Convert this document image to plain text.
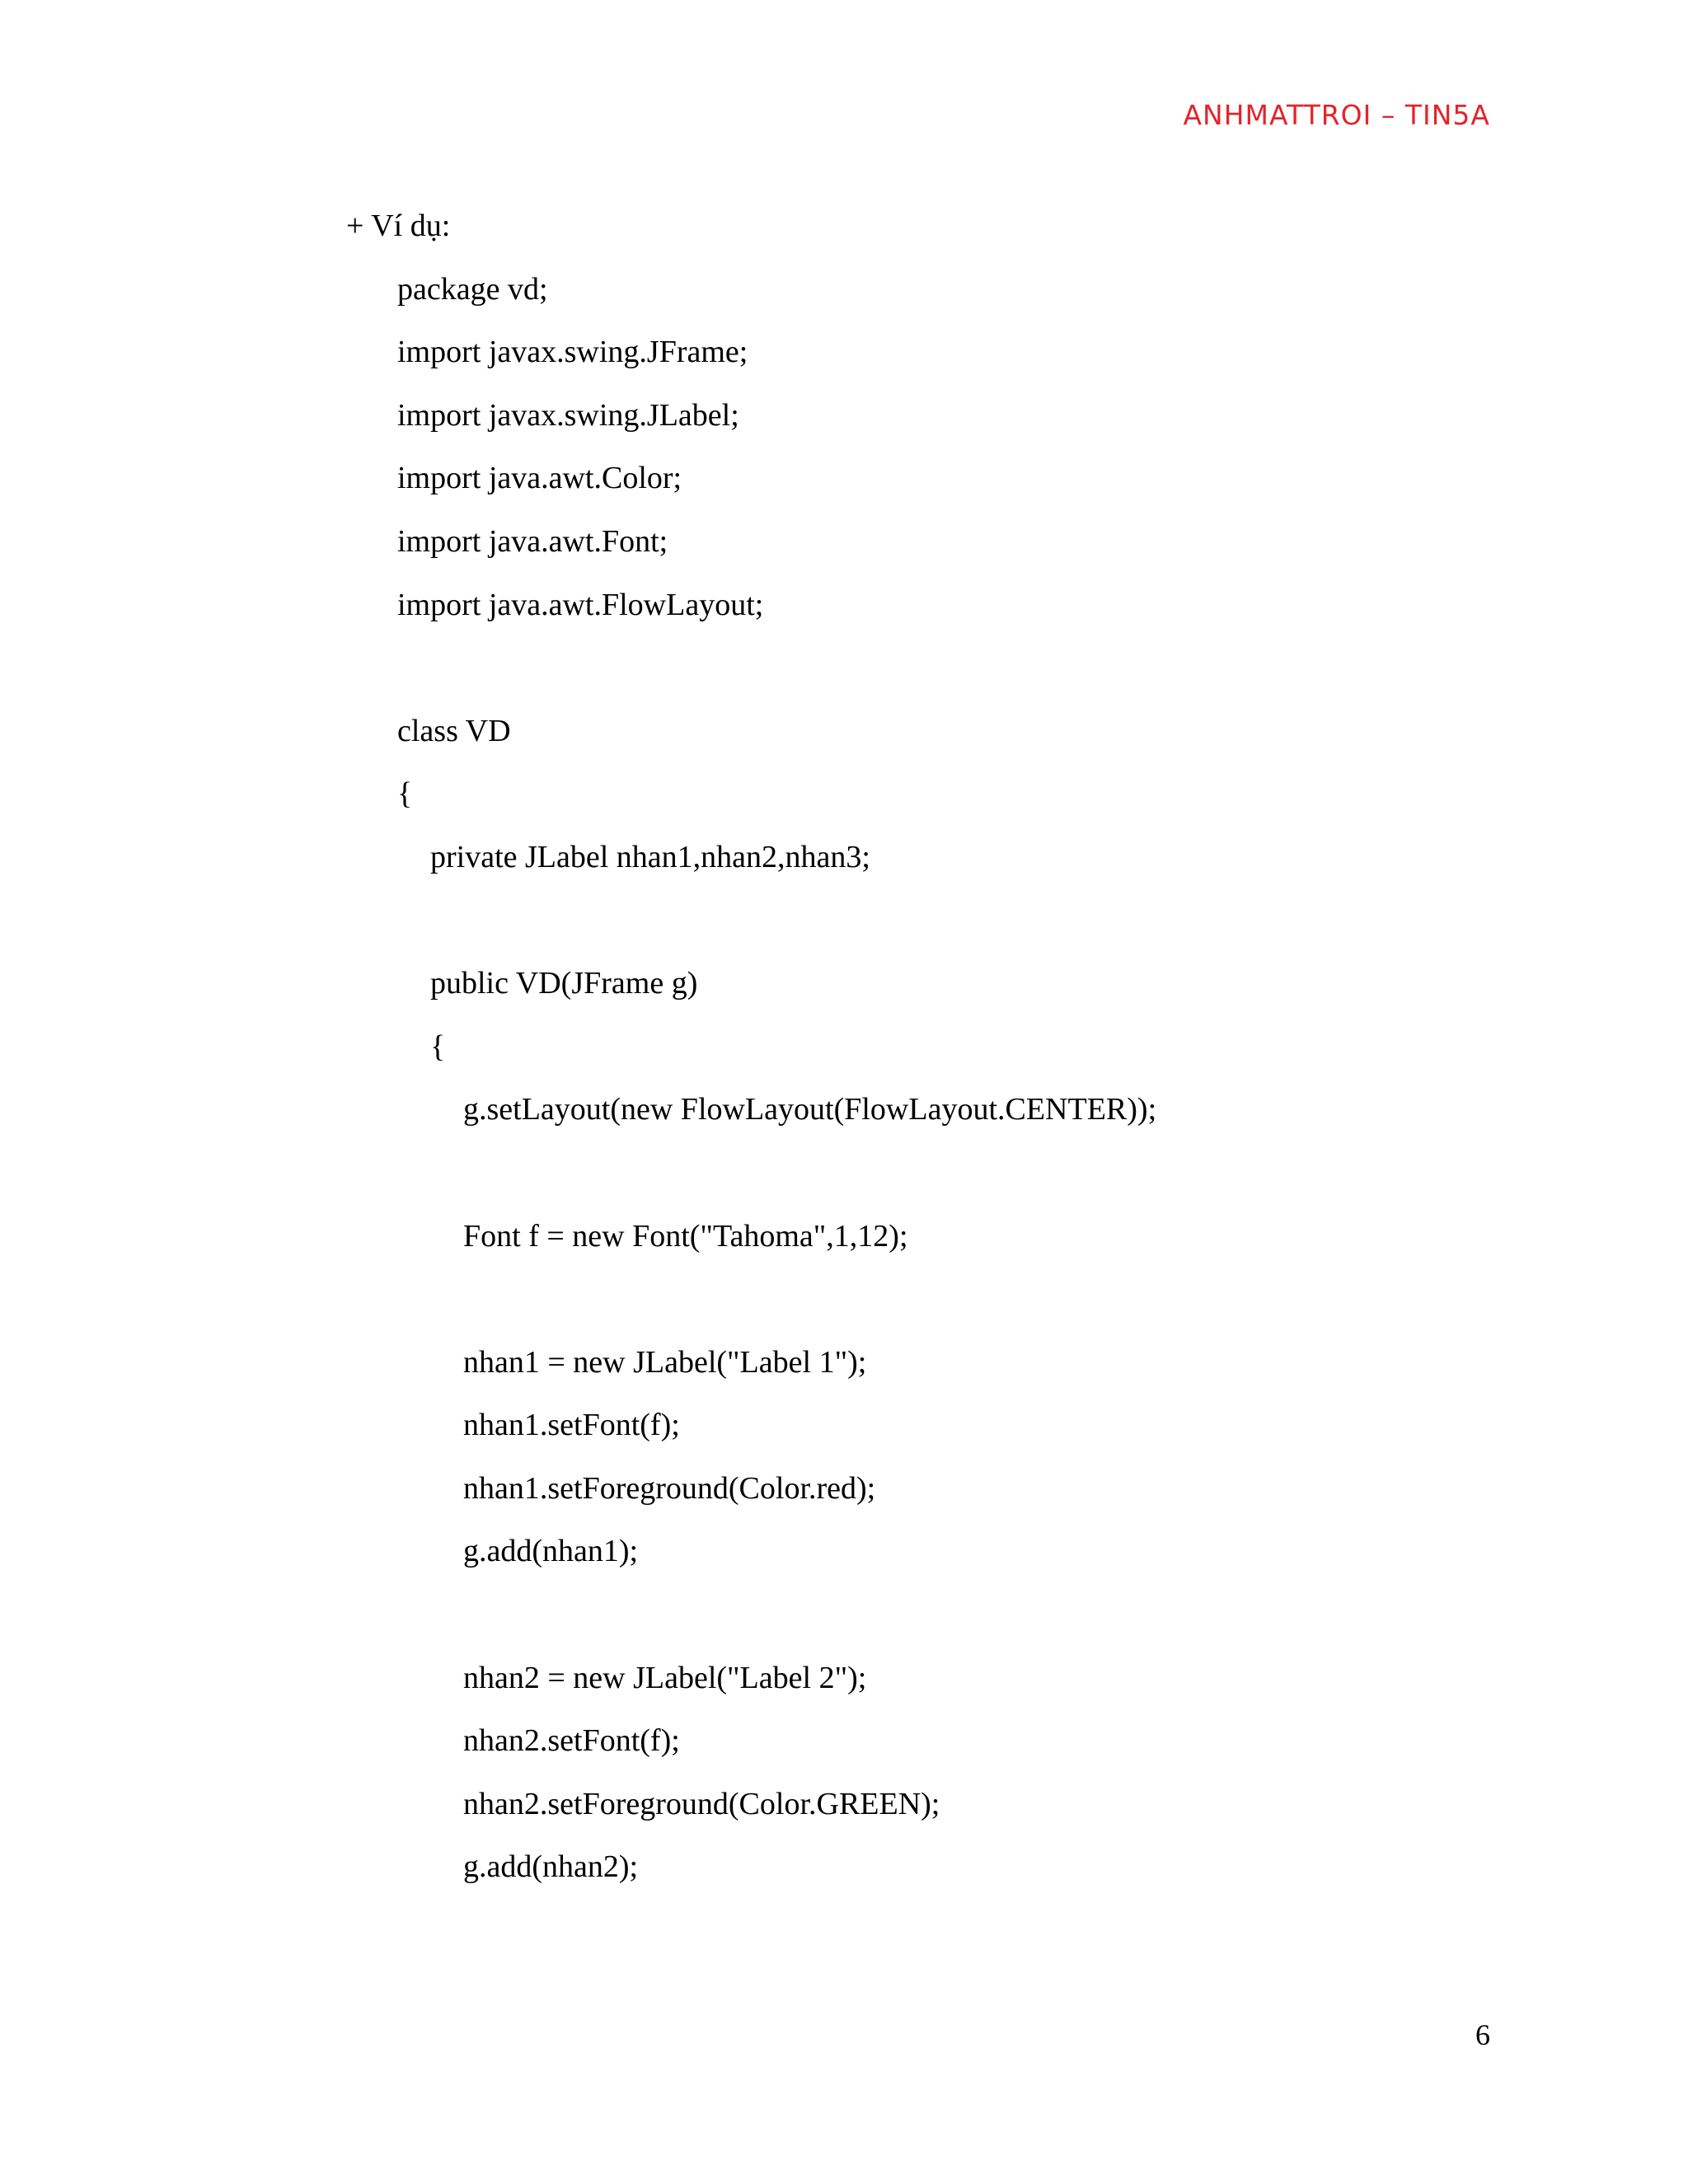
ANHMATTROI – TIN5A
+ Ví dụ:
package vd;
import javax.swing.JFrame;
import javax.swing.JLabel;
import java.awt.Color;
import java.awt.Font;
import java.awt.FlowLayout;
class VD
{
private JLabel nhan1,nhan2,nhan3;
public VD(JFrame g)
{
g.setLayout(new FlowLayout(FlowLayout.CENTER));
Font f = new Font("Tahoma",1,12);
nhan1 = new JLabel("Label 1");
nhan1.setFont(f);
nhan1.setForeground(Color.red);
g.add(nhan1);
nhan2 = new JLabel("Label 2");
nhan2.setFont(f);
nhan2.setForeground(Color.GREEN);
g.add(nhan2);
6
